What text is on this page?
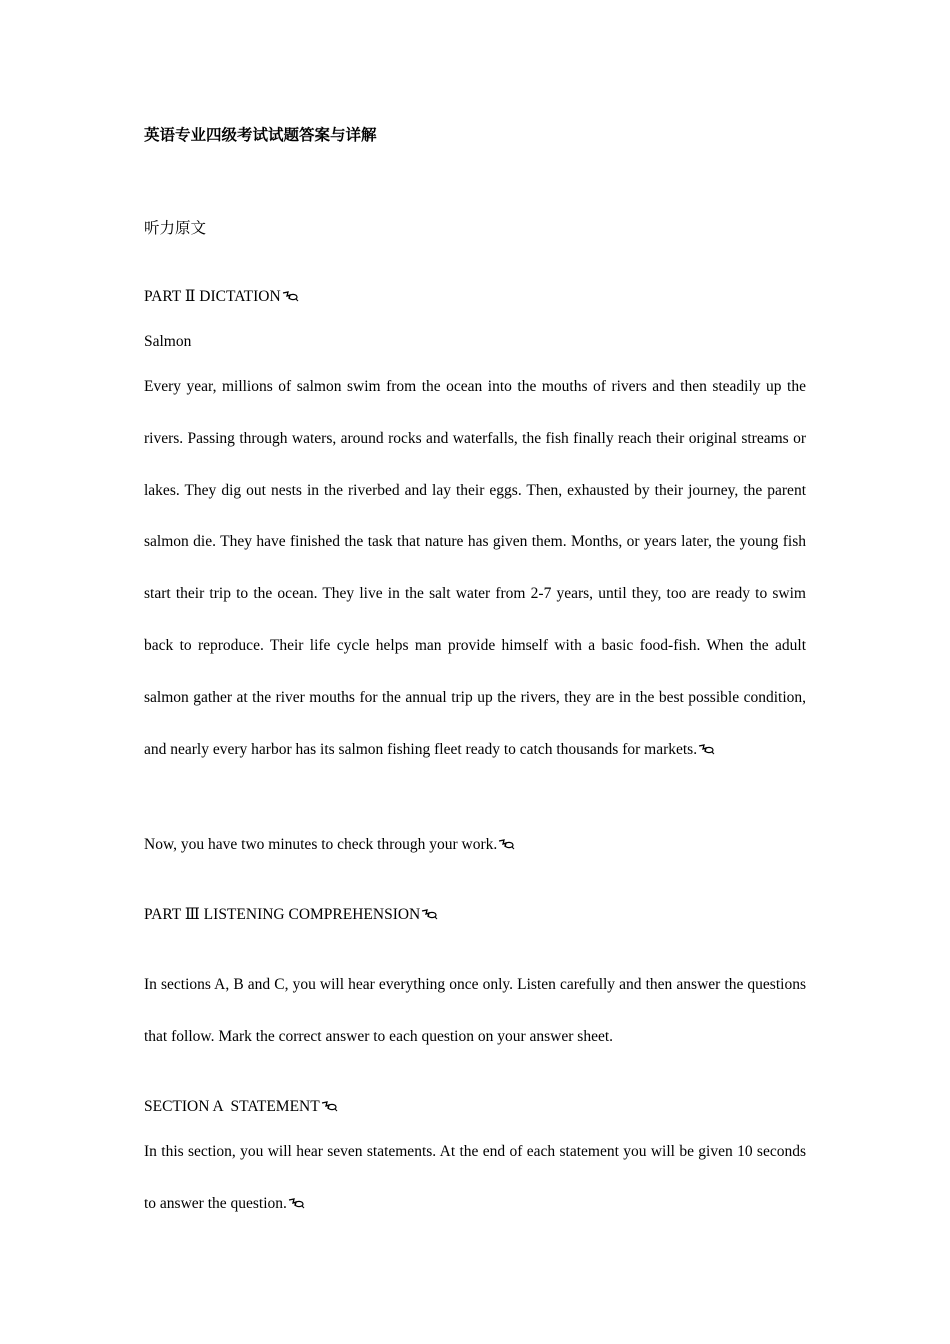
英语专业四级考试试题答案与详解
听力原文
PART Ⅱ DICTATION
Salmon
Every year, millions of salmon swim from the ocean into the mouths of rivers and then steadily up the rivers. Passing through waters, around rocks and waterfalls, the fish finally reach their original streams or lakes. They dig out nests in the riverbed and lay their eggs. Then, exhausted by their journey, the parent salmon die. They have finished the task that nature has given them. Months, or years later, the young fish start their trip to the ocean. They live in the salt water from 2-7 years, until they, too are ready to swim back to reproduce. Their life cycle helps man provide himself with a basic food-fish. When the adult salmon gather at the river mouths for the annual trip up the rivers, they are in the best possible condition, and nearly every harbor has its salmon fishing fleet ready to catch thousands for markets.
Now, you have two minutes to check through your work.
PART Ⅲ LISTENING COMPREHENSION
In sections A, B and C, you will hear everything once only. Listen carefully and then answer the questions that follow. Mark the correct answer to each question on your answer sheet.
SECTION A  STATEMENT
In this section, you will hear seven statements. At the end of each statement you will be given 10 seconds to answer the question.
